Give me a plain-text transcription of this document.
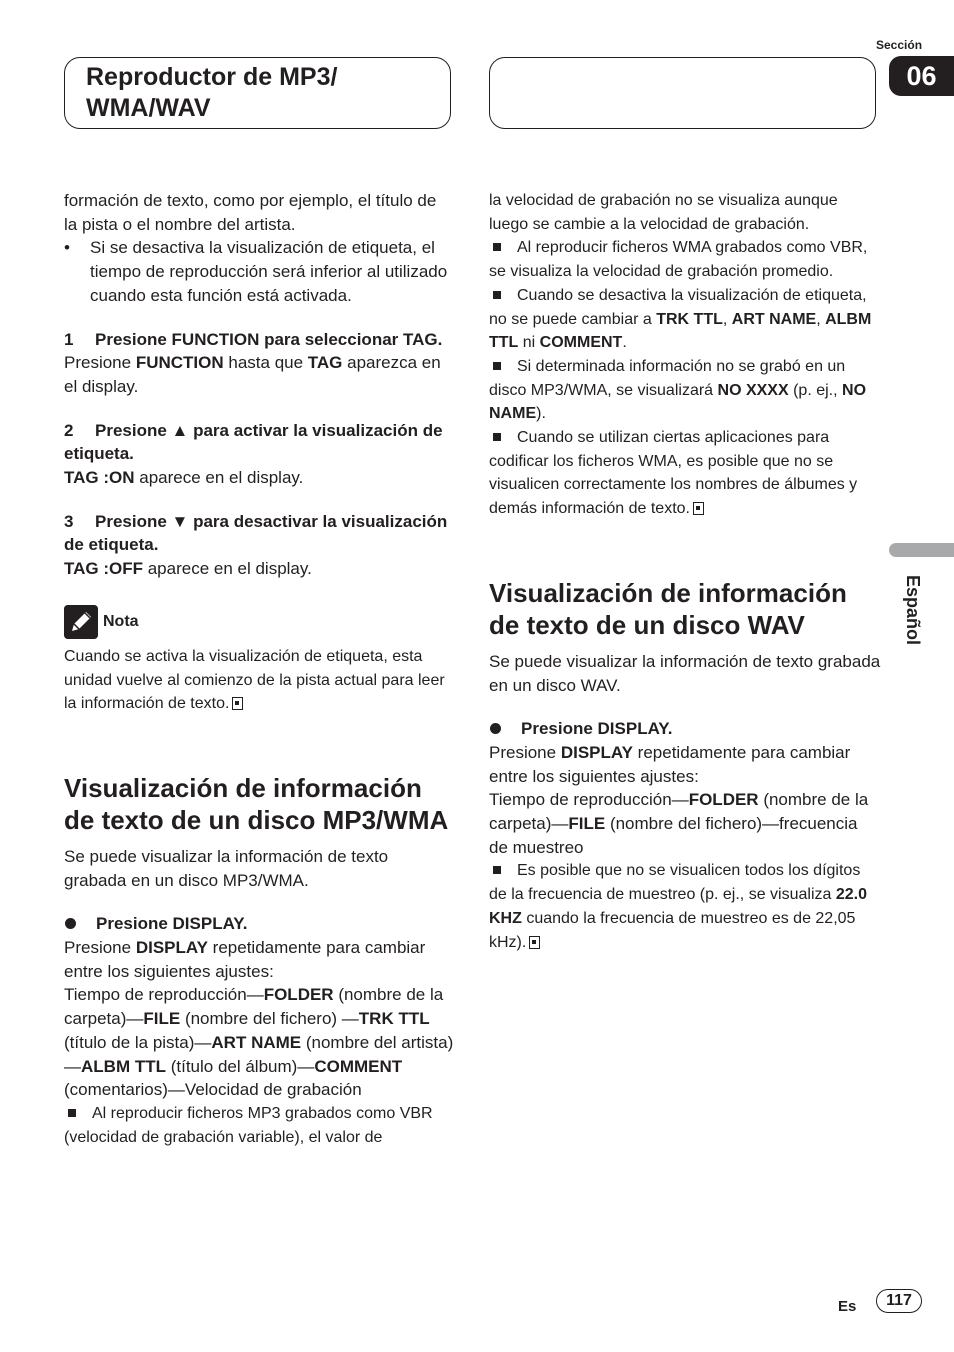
Reproductor de MP3/
WMA/WAV
Sección
06

formación de texto, como por ejemplo, el título de la pista o el nombre del artista.

• Si se desactiva la visualización de etiqueta, el tiempo de reproducción será inferior al utilizado cuando esta función está activada.

1 Presione FUNCTION para seleccionar TAG.

Presione FUNCTION hasta que TAG aparezca en el display.

2 Presione ▲ para activar la visualización de etiqueta.

TAG :ON aparece en el display.

3 Presione ▼ para desactivar la visualización de etiqueta.

TAG :OFF aparece en el display.

Nota

Cuando se activa la visualización de etiqueta, esta unidad vuelve al comienzo de la pista actual para leer la información de texto.

Visualización de información de texto de un disco MP3/WMA

Se puede visualizar la información de texto grabada en un disco MP3/WMA.

Presione DISPLAY.

Presione DISPLAY repetidamente para cambiar entre los siguientes ajustes:

Tiempo de reproducción—FOLDER (nombre de la carpeta)—FILE (nombre del fichero) —TRK TTL (título de la pista)—ART NAME (nombre del artista)—ALBM TTL (título del álbum)—COMMENT (comentarios)—Velocidad de grabación

Al reproducir ficheros MP3 grabados como VBR (velocidad de grabación variable), el valor de

la velocidad de grabación no se visualiza aunque luego se cambie a la velocidad de grabación.

Al reproducir ficheros WMA grabados como VBR, se visualiza la velocidad de grabación promedio.

Cuando se desactiva la visualización de etiqueta, no se puede cambiar a TRK TTL, ART NAME, ALBM TTL ni COMMENT.

Si determinada información no se grabó en un disco MP3/WMA, se visualizará NO XXXX (p. ej., NO NAME).

Cuando se utilizan ciertas aplicaciones para codificar los ficheros WMA, es posible que no se visualicen correctamente los nombres de álbumes y demás información de texto.

Visualización de información de texto de un disco WAV

Se puede visualizar la información de texto grabada en un disco WAV.

Presione DISPLAY.

Presione DISPLAY repetidamente para cambiar entre los siguientes ajustes:

Tiempo de reproducción—FOLDER (nombre de la carpeta)—FILE (nombre del fichero)—frecuencia de muestreo

Es posible que no se visualicen todos los dígitos de la frecuencia de muestreo (p. ej., se visualiza 22.0 KHZ cuando la frecuencia de muestreo es de 22,05 kHz).

Español
Es	117
